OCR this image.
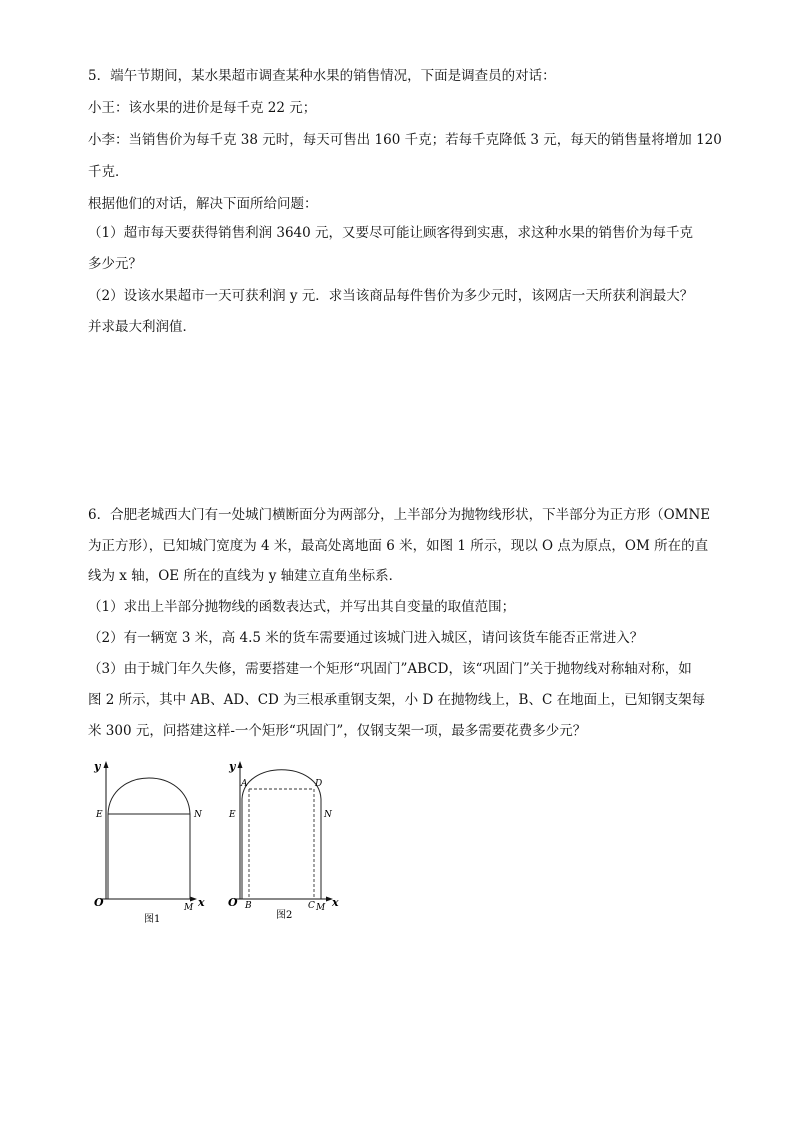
5．端午节期间，某水果超市调查某种水果的销售情况，下面是调查员的对话：
小王：该水果的进价是每千克 22 元；
小李：当销售价为每千克 38 元时，每天可售出 160 千克；若每千克降低 3 元，每天的销售量将增加 120
千克．
根据他们的对话，解决下面所给问题：
（1）超市每天要获得销售利润 3640 元，又要尽可能让顾客得到实惠，求这种水果的销售价为每千克
多少元？
（2）设该水果超市一天可获利润 y 元．求当该商品每件售价为多少元时，该网店一天所获利润最大？
并求最大利润值．
6．合肥老城西大门有一处城门横断面分为两部分，上半部分为抛物线形状，下半部分为正方形（OMNE
为正方形），已知城门宽度为 4 米，最高处离地面 6 米，如图 1 所示，现以 O 点为原点，OM 所在的直
线为 x 轴，OE 所在的直线为 y 轴建立直角坐标系．
（1）求出上半部分抛物线的函数表达式，并写出其自变量的取值范围；
（2）有一辆宽 3 米，高 4.5 米的货车需要通过该城门进入城区，请问该货车能否正常进入？
（3）由于城门年久失修，需要搭建一个矩形“巩固门”ABCD，该“巩固门”关于抛物线对称轴对称，如
图 2 所示，其中 AB、AD、CD 为三根承重钢支架，小 D 在抛物线上，B、C 在地面上，已知钢支架每
米 300 元，问搭建这样-一个矩形“巩固门”，仅钢支架一项，最多需要花费多少元？
y
x
O
E	N
M
图1
y
x
O
A	D
E	N
B	C M
图2
